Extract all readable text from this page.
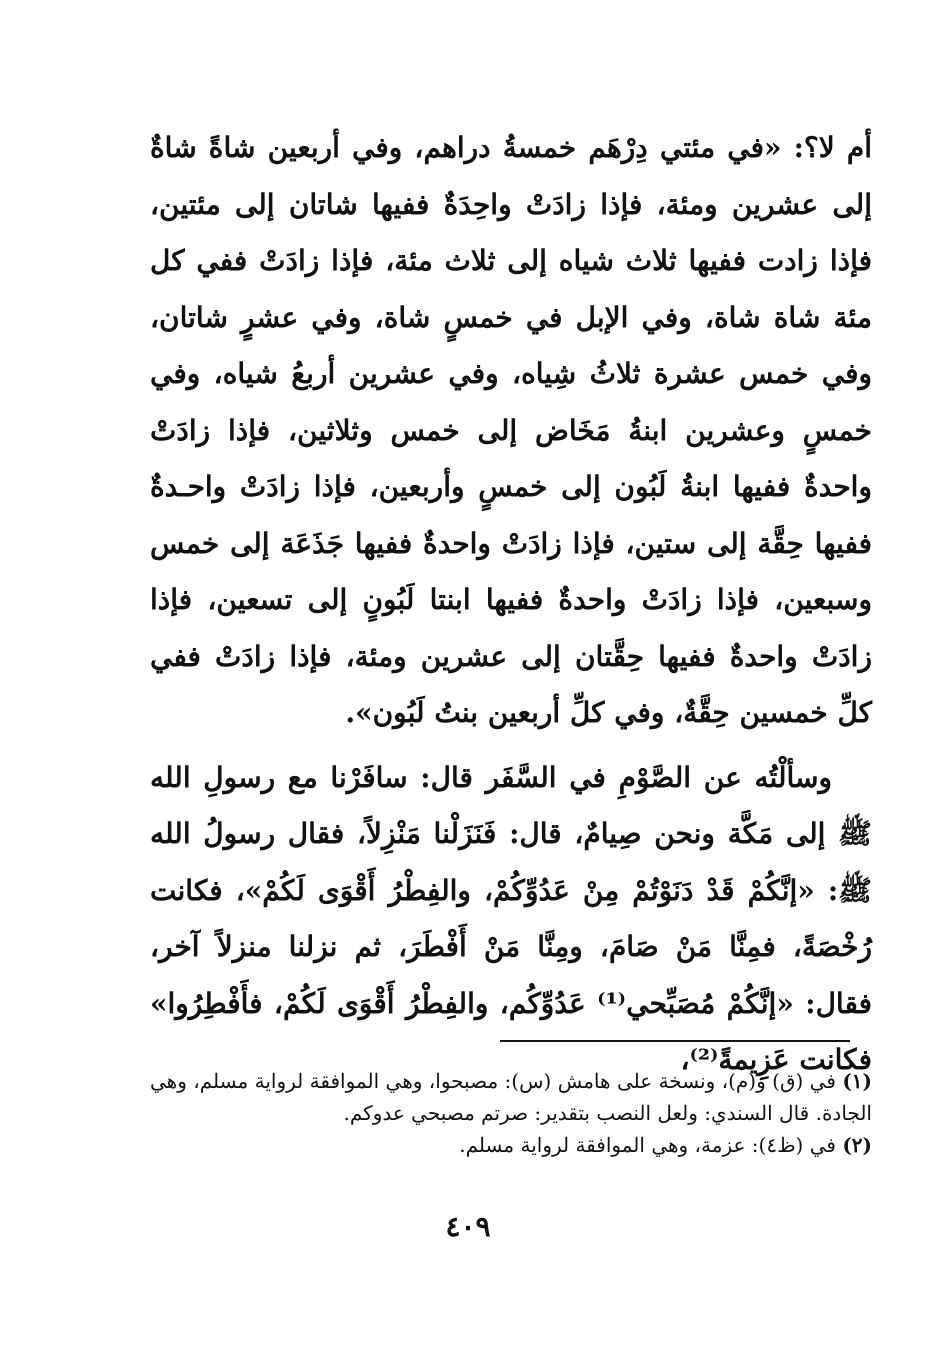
أم لا؟: «في مئتي دِرْهَم خمسةُ دراهم، وفي أربعين شاةً شاةٌ إلى عشرين ومئة، فإذا زادَتْ واحِدَةٌ ففيها شاتان إلى مئتين، فإذا زادت ففيها ثلاث شياه إلى ثلاث مئة، فإذا زادَتْ ففي كل مئة شاة شاة، وفي الإبل في خمسٍ شاة، وفي عشرٍ شاتان، وفي خمس عشرة ثلاثُ شِياه، وفي عشرين أربعُ شياه، وفي خمسٍ وعشرين ابنةُ مَخَاض إلى خمس وثلاثين، فإذا زادَتْ واحدةٌ ففيها ابنةُ لَبُون إلى خمسٍ وأربعين، فإذا زادَتْ واحـدةٌ ففيها حِقَّة إلى ستين، فإذا زادَتْ واحدةٌ ففيها جَذَعَة إلى خمس وسبعين، فإذا زادَتْ واحدةٌ ففيها ابنتا لَبُونٍ إلى تسعين، فإذا زادَتْ واحدةٌ ففيها حِقَّتان إلى عشرين ومئة، فإذا زادَتْ ففي كلِّ خمسين حِقَّةٌ، وفي كلِّ أربعين بنتُ لَبُون».

وسألْتُه عن الصَّوْمِ في السَّفَر قال: سافَرْنا مع رسولِ الله ﷺ إلى مَكَّة ونحن صِيامٌ، قال: فَنَزَلْنا مَنْزِلاً، فقال رسولُ الله ﷺ: «إنَّكُمْ قَدْ دَنَوْتُمْ مِنْ عَدُوِّكُمْ، والفِطْرُ أَقْوَى لَكُمْ»، فكانت رُخْصَةً، فمِنَّا مَنْ صَامَ، ومِنَّا مَنْ أَفْطَرَ، ثم نزلنا منزلاً آخر، فقال: «إنَّكُمْ مُصَبِّحي⁽¹⁾ عَدُوِّكُم، والفِطْرُ أَقْوَى لَكُمْ، فأَفْطِرُوا» فكانت عَزِيمةً⁽²⁾،

(١) في (ق) و(م)، ونسخة على هامش (س): مصبحوا، وهي الموافقة لرواية مسلم، وهي الجادة. قال السندي: ولعل النصب بتقدير: صرتم مصبحي عدوكم.

(٢) في (ظ٤): عزمة، وهي الموافقة لرواية مسلم.

٤٠٩
